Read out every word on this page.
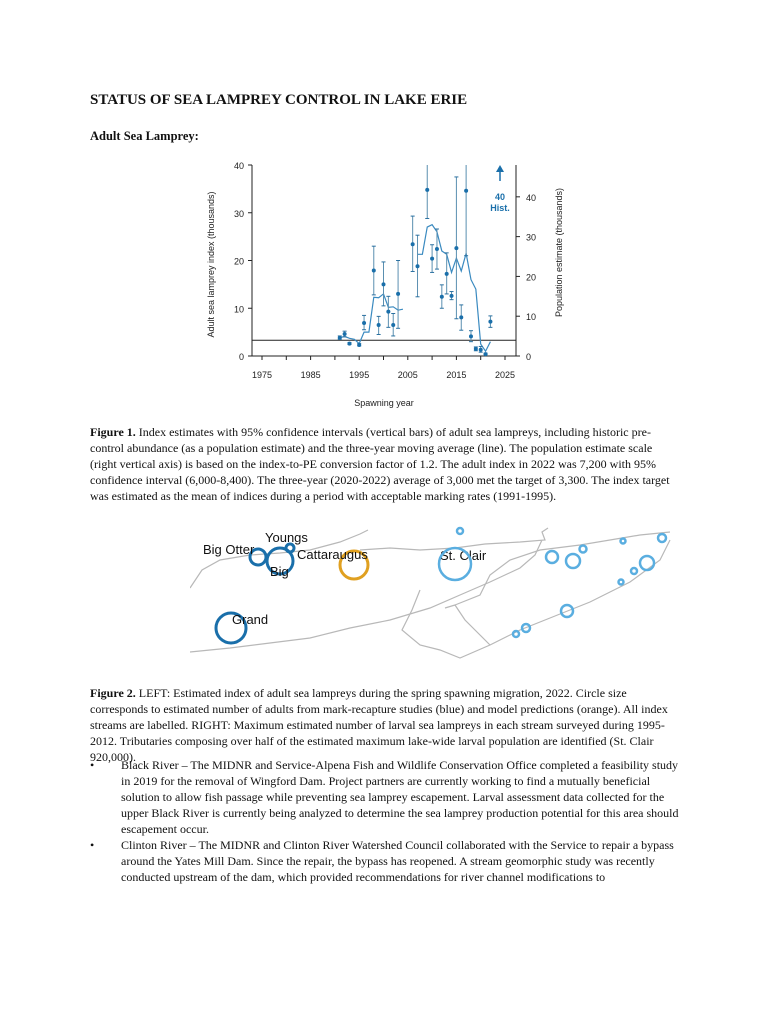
STATUS OF SEA LAMPREY CONTROL IN LAKE ERIE
Adult Sea Lamprey:
0
10
20
30
40
0
10
20
30
40
1975	1985	1995	2005	2015	2025
Spawning year
Adult sea lamprey index (thousands)	Population estimate (thousands)
40
Hist.
Figure 1. Index estimates with 95% confidence intervals (vertical bars) of adult sea lampreys, including historic pre-control abundance (as a population estimate) and the three-year moving average (line). The population estimate scale (right vertical axis) is based on the index-to-PE conversion factor of 1.2. The adult index in 2022 was 7,200 with 95% confidence interval (6,000-8,400). The three-year (2020-2022) average of 3,000 met the target of 3,300. The index target was estimated as the mean of indices during a period with acceptable marking rates (1991-1995).
Big Otter
Youngs
Cattaraugus
Big
Grand
St. Clair
Figure 2. LEFT: Estimated index of adult sea lampreys during the spring spawning migration, 2022. Circle size corresponds to estimated number of adults from mark-recapture studies (blue) and model predictions (orange). All index streams are labelled. RIGHT: Maximum estimated number of larval sea lampreys in each stream surveyed during 1995-2012. Tributaries composing over half of the estimated maximum lake-wide larval population are identified (St. Clair 920,000).
• Black River – The MIDNR and Service-Alpena Fish and Wildlife Conservation Office completed a feasibility study in 2019 for the removal of Wingford Dam. Project partners are currently working to find a mutually beneficial solution to allow fish passage while preventing sea lamprey escapement. Larval assessment data collected for the upper Black River is currently being analyzed to determine the sea lamprey production potential for this area should escapement occur.
• Clinton River – The MIDNR and Clinton River Watershed Council collaborated with the Service to repair a bypass around the Yates Mill Dam. Since the repair, the bypass has reopened. A stream geomorphic study was recently conducted upstream of the dam, which provided recommendations for river channel modifications to
